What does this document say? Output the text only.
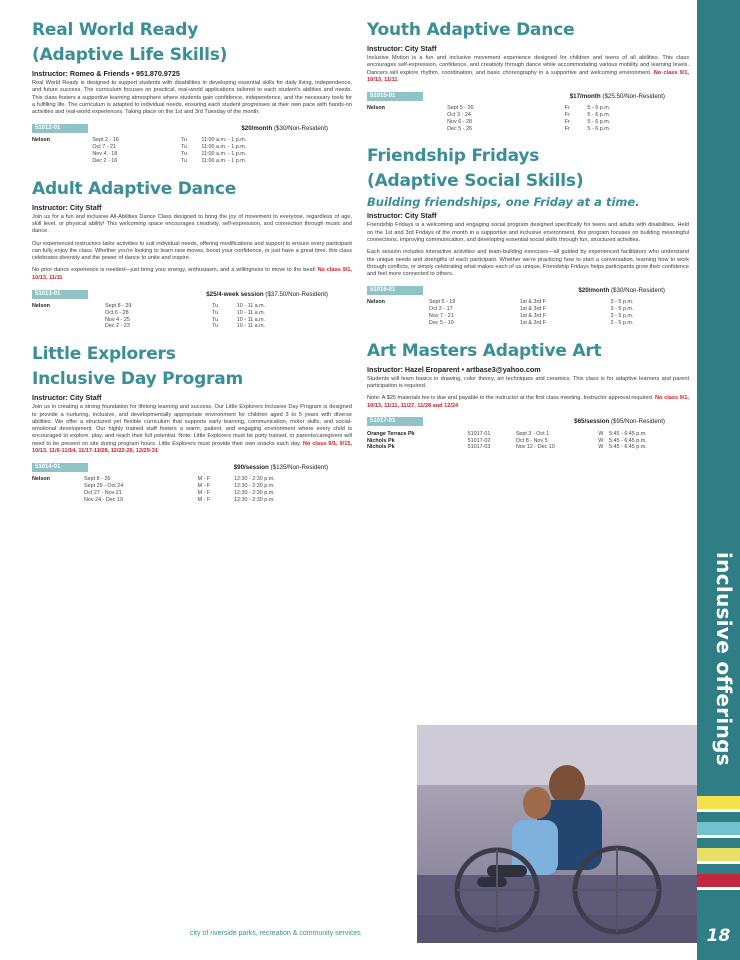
Real World Ready
(Adaptive Life Skills)
Instructor: Romeo & Friends • 951.870.9725

Real World Ready is designed to support students with disabilities in developing essential skills for daily living, independence, and future success. The curriculum focuses on practical, real-world applications tailored to each student's abilities and needs. This class fosters a supportive learning atmosphere where students gain confidence, independence, and the necessary tools for a fulfilling life. The curriculum is adapted to individual needs, ensuring each student progresses at their own pace with hands-on activities and real-world experiences. Taking place on the 1st and 3rd Tuesday of the month.

51012-01	$20/month ($30/Non-Resident)
Nelson	Sept 2 - 16	Tu	11:00 a.m. - 1 p.m.
	Oct 7 - 21	Tu	11:00 a.m. - 1 p.m.
	Nov 4 - 18	Tu	11:00 a.m. - 1 p.m.
	Dec 2 - 16	Tu	11:00 a.m. - 1 p.m.
Adult Adaptive Dance
Instructor: City Staff

Join us for a fun and inclusive All-Abilities Dance Class designed to bring the joy of movement to everyone, regardless of age, skill level, or physical ability! This welcoming space encourages creativity, self-expression, and connection through music and dance.

Our experienced instructors tailor activities to suit individual needs, offering modifications and support to ensure every participant can fully enjoy the class. Whether you're looking to learn new moves, boost your confidence, or just have a great time, this class celebrates diversity and the power of dance to unite and inspire.

No prior dance experience is needed—just bring your energy, enthusiasm, and a willingness to move to the beat! No class 9/1, 10/13, 11/11

51013-01	$25/4-week session ($37.50/Non-Resident)
Nelson	Sept 8 - 29	Tu	10 - 11 a.m.
	Oct 6 - 28	Tu	10 - 11 a.m.
	Nov 4 - 25	Tu	10 - 11 a.m.
	Dec 2 - 23	Tu	10 - 11 a.m.
Little Explorers
Inclusive Day Program
Instructor: City Staff

Join us in creating a strong foundation for lifelong learning and success. Our Little Explorers Inclusive Day Program is designed to provide a nurturing, inclusive, and developmentally appropriate environment for children aged 3 to 5 years with diverse abilities. We offer a structured yet flexible curriculum that supports early learning, communication, motor skills, and social-emotional development. Our highly trained staff fosters a warm, patient, and engaging environment where every child is encouraged to explore, play, and reach their full potential. Note: Little Explorers must be potty trained, or parents/caregivers will need to be present on site during program hours. Little Explorers must provide their own snacks each day. No class 9/1, 9/15, 10/13, 11/6-11/14, 11/17-11/28, 12/22-26, 12/29-31

51014-01	$90/session ($135/Non-Resident)
Nelson	Sept 8 - 26	M - F	12:30 - 2:30 p.m.
	Sept 29 - Oct 24	M - F	12:30 - 2:30 p.m.
	Oct 27 - Nov 21	M - F	12:30 - 2:30 p.m.
	Nov 24 - Dec 19	M - F	12:30 - 2:30 p.m.
Youth Adaptive Dance
Instructor: City Staff

Inclusive Motion is a fun and inclusive movement experience designed for children and teens of all abilities. This class encourages self-expression, confidence, and creativity through dance while accommodating various mobility and learning levels. Dancers will explore rhythm, coordination, and basic choreography in a supportive and welcoming environment. No class 9/1, 10/13, 11/11

51015-01	$17/month ($25.50/Non-Resident)
Nelson	Sept 5 - 26	Fr	5 - 6 p.m.
	Oct 3 - 24	Fr	5 - 6 p.m.
	Nov 6 - 28	Fr	5 - 6 p.m.
	Dec 5 - 26	Fr	5 - 6 p.m.
Friendship Fridays
(Adaptive Social Skills)
Building friendships, one Friday at a time.
Instructor: City Staff

Friendship Fridays is a welcoming and engaging social program designed specifically for teens and adults with disabilities. Held on the 1st and 3rd Fridays of the month in a supportive and inclusive environment, this program focuses on building meaningful connections, improving communication, and developing essential social skills through fun, structured activities.

Each session includes interactive activities and team-building exercises—all guided by experienced facilitators who understand the unique needs and strengths of each participant. Whether we're practicing how to start a conversation, learning how to work through conflicts, or simply celebrating what makes each of us unique, Friendship Fridays helps participants grow their confidence and feel more connected to others.

51016-01	$20/month ($30/Non-Resident)
Nelson	Sept 5 - 19	1st & 3rd F	3 - 5 p.m.
	Oct 3 - 17	1st & 3rd F	3 - 5 p.m.
	Nov 7 - 21	1st & 3rd F	3 - 5 p.m.
	Dec 5 - 19	1st & 3rd F	3 - 5 p.m.
Art Masters Adaptive Art
Instructor: Hazel Eroparent • artbase3@yahoo.com

Students will learn basics in drawing, color theory, art techniques and ceramics. This class is for adaptive learners and parent participation is required.

Note: A $25 materials fee is due and payable to the instructor at the first class meeting. Instructor approval required. No class 9/1, 10/13, 11/11, 11/27, 11/28 and 12/24

51017-01	$65/session ($95/Non-Resident)
Orange Terrace Pk	51017-01	Sept 3 - Oct 1	W	5:45 - 6:45 p.m.
Nichols Pk	51017-02	Oct 8 - Nov 5	W	5:45 - 6:45 p.m.
Nichols Pk	51017-03	Nov 12 - Dec 10	W	5:45 - 6:45 p.m.
inclusive offerings
city of riverside parks, recreation & community services	18
